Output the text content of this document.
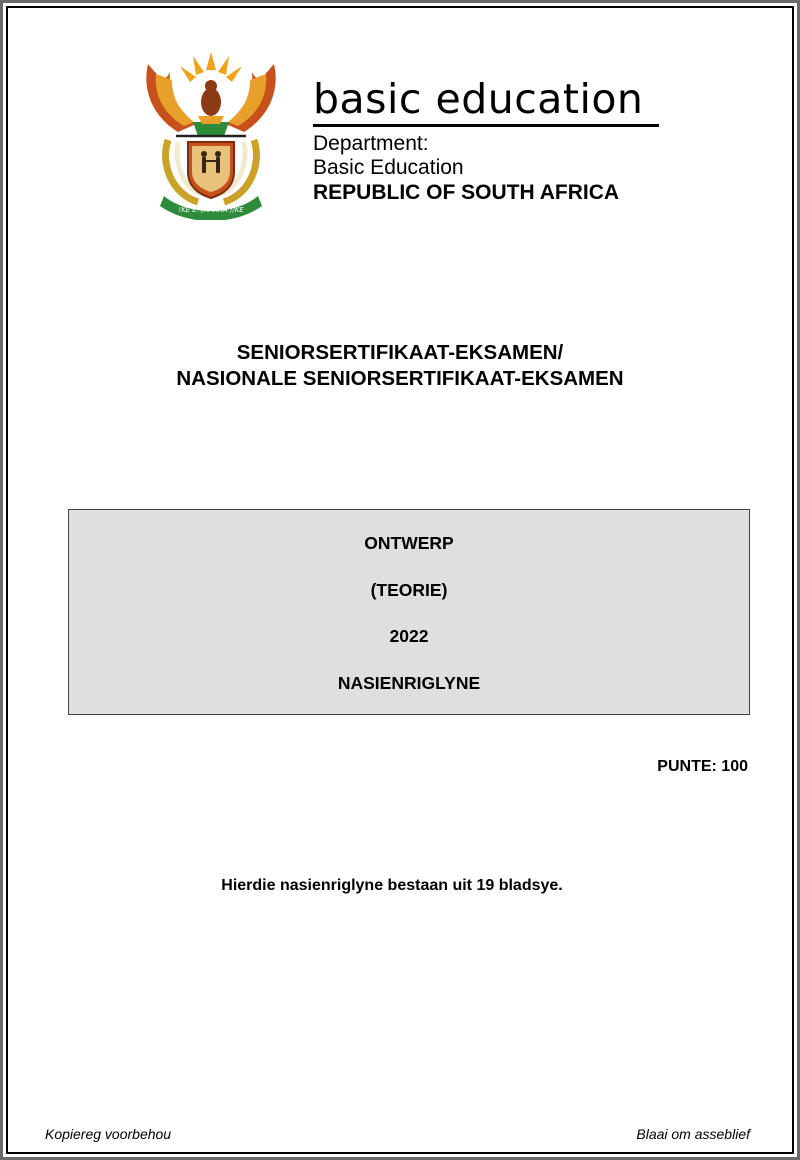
!KE E: /XARRA //KE
basic education
Department:
Basic Education
REPUBLIC OF SOUTH AFRICA
SENIORSERTIFIKAAT-EKSAMEN/
NASIONALE SENIORSERTIFIKAAT-EKSAMEN
ONTWERP
(TEORIE)
2022
NASIENRIGLYNE
PUNTE: 100
Hierdie nasienriglyne bestaan uit 19 bladsye.
Kopiereg voorbehou	Blaai om asseblief
